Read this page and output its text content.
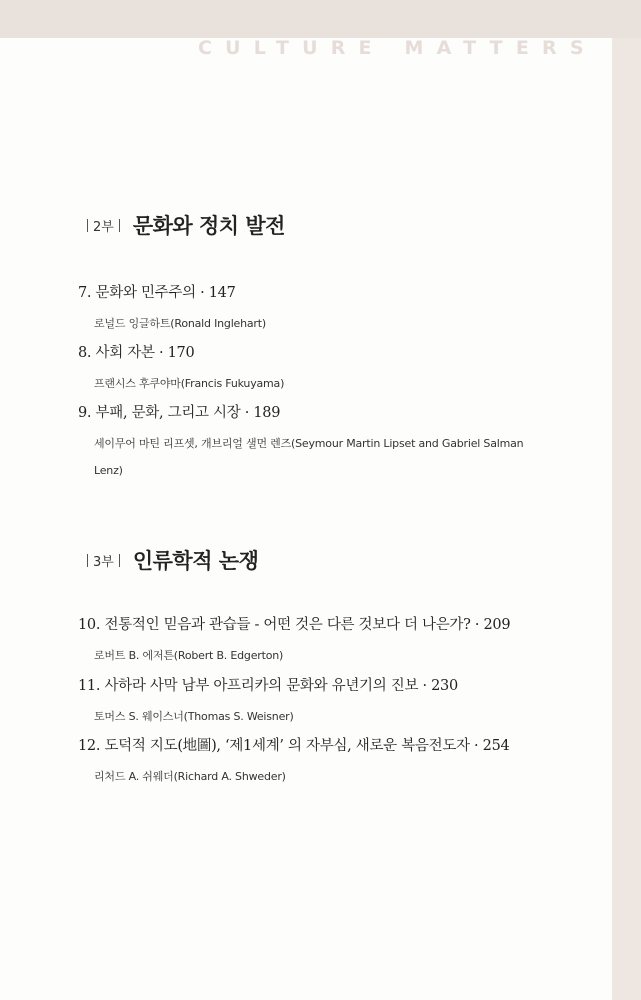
CULTURE MATTERS
2부 문화와 정치 발전
7. 문화와 민주주의 · 147
로널드 잉글하트(Ronald Inglehart)
8. 사회 자본 · 170
프랜시스 후쿠야마(Francis Fukuyama)
9. 부패, 문화, 그리고 시장 · 189
세이무어 마틴 리프셋, 개브리얼 샐먼 렌즈(Seymour Martin Lipset and Gabriel Salman Lenz)
3부 인류학적 논쟁
10. 전통적인 믿음과 관습들 - 어떤 것은 다른 것보다 더 나은가? · 209
로버트 B. 에저튼(Robert B. Edgerton)
11. 사하라 사막 남부 아프리카의 문화와 유년기의 진보 · 230
토머스 S. 웨이스너(Thomas S. Weisner)
12. 도덕적 지도(地圖), ‘제1세계’ 의 자부심, 새로운 복음전도자 · 254
리처드 A. 쉬웨더(Richard A. Shweder)
